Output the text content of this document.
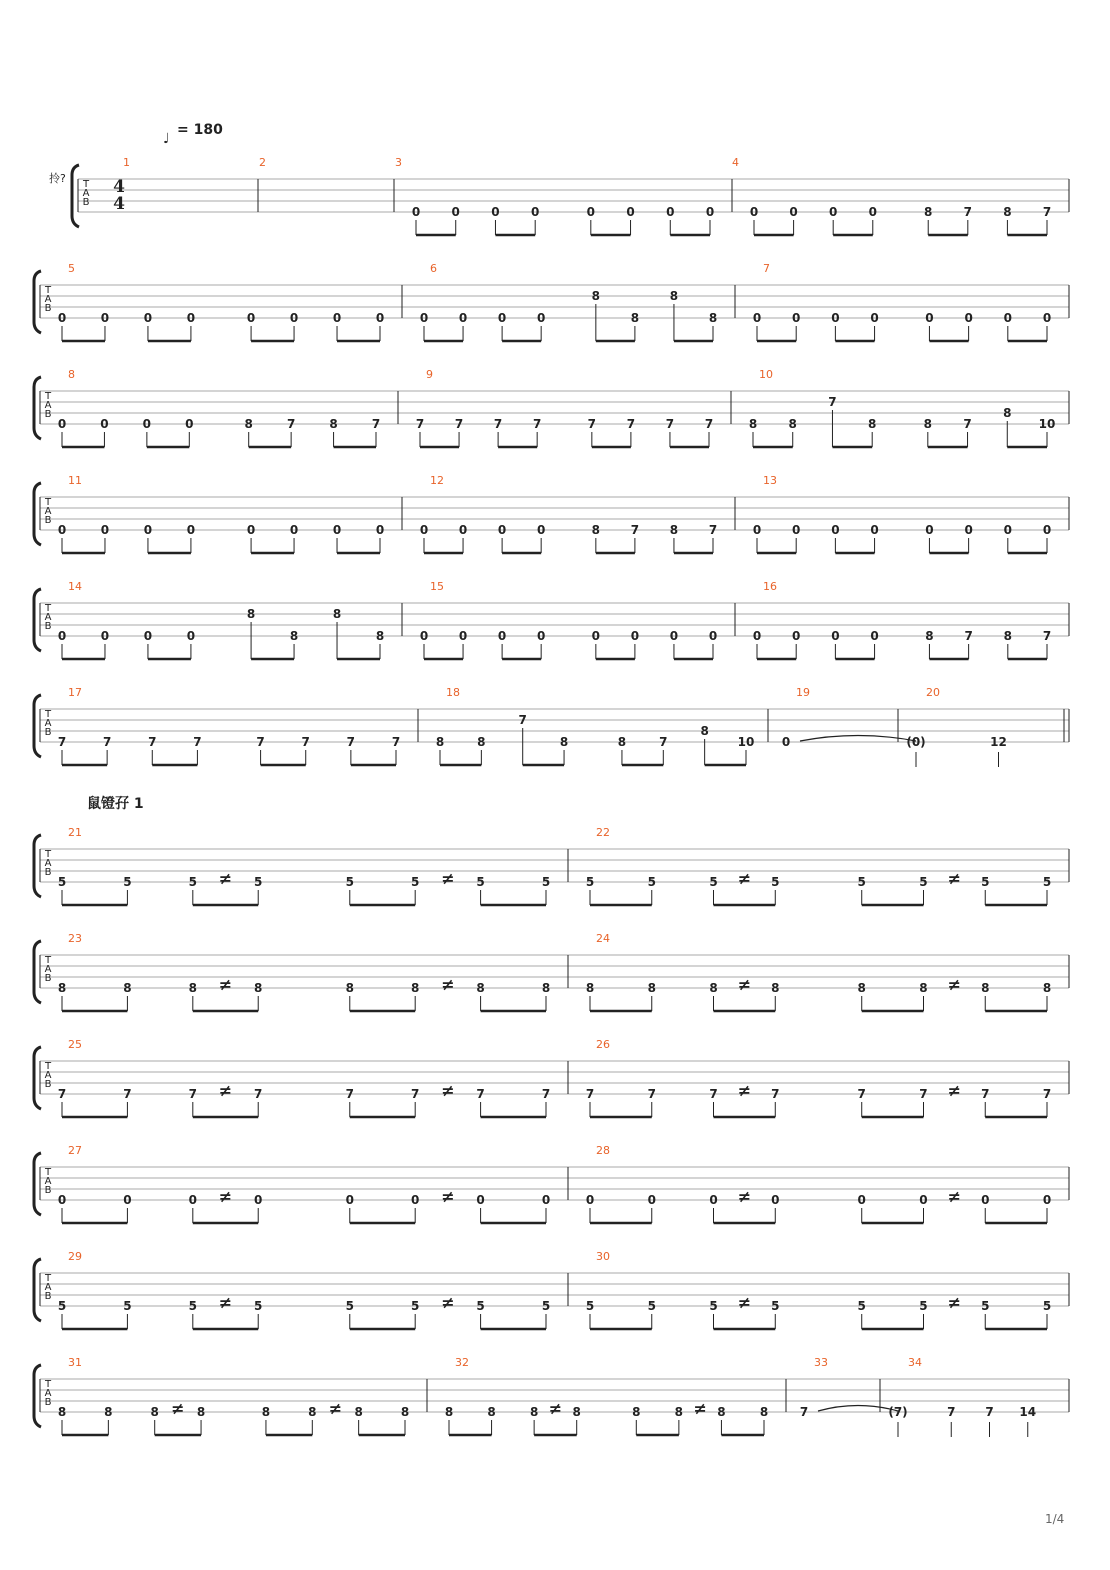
♩
= 180
拎?
鼠镫孖 1
1/4
T
A
B
4
4
1	2	3
0	0	0	0	0	0	0	0
4
0	0	0	0	8	7	8	7
T
A
B
5
0	0	0	0	0	0	0	0
6
0	0	0	0
8
8
8
8
7
0	0	0	0	0	0	0	0
T
A
B
8
0	0	0	0	8	7	8	7
9
7	7	7	7	7	7	7	7
10
8	8
7
8	8	7
8
10
T
A
B
11
0	0	0	0	0	0	0	0
12
0	0	0	0	8	7	8	7
13
0	0	0	0	0	0	0	0
T
A
B
14
0	0	0	0
8
8
8
8
15
0	0	0	0	0	0	0	0
16
0	0	0	0	8	7	8	7
T
A
B
17
7	7	7	7	7	7	7	7
18
8	8
7
8	8	7
8
10
19
0
20
(0)	12
T
A
B
21
5	5	5	5	5	5	5	5
≠	≠
22
5	5	5	5	5	5	5	5
≠	≠
T
A
B
23
8	8	8	8	8	8	8	8
≠	≠
24
8	8	8	8	8	8	8	8
≠	≠
T
A
B
25
7	7	7	7	7	7	7	7
≠	≠
26
7	7	7	7	7	7	7	7
≠	≠
T
A
B
27
0	0	0	0	0	0	0	0
≠	≠
28
0	0	0	0	0	0	0	0
≠	≠
T
A
B
29
5	5	5	5	5	5	5	5
≠	≠
30
5	5	5	5	5	5	5	5
≠	≠
T
A
B
31
8	8	8	8	8	8	8	8
≠	≠
32
8	8	8	8	8	8	8	8
≠	≠
33
7
34
(7)	7 7 14
